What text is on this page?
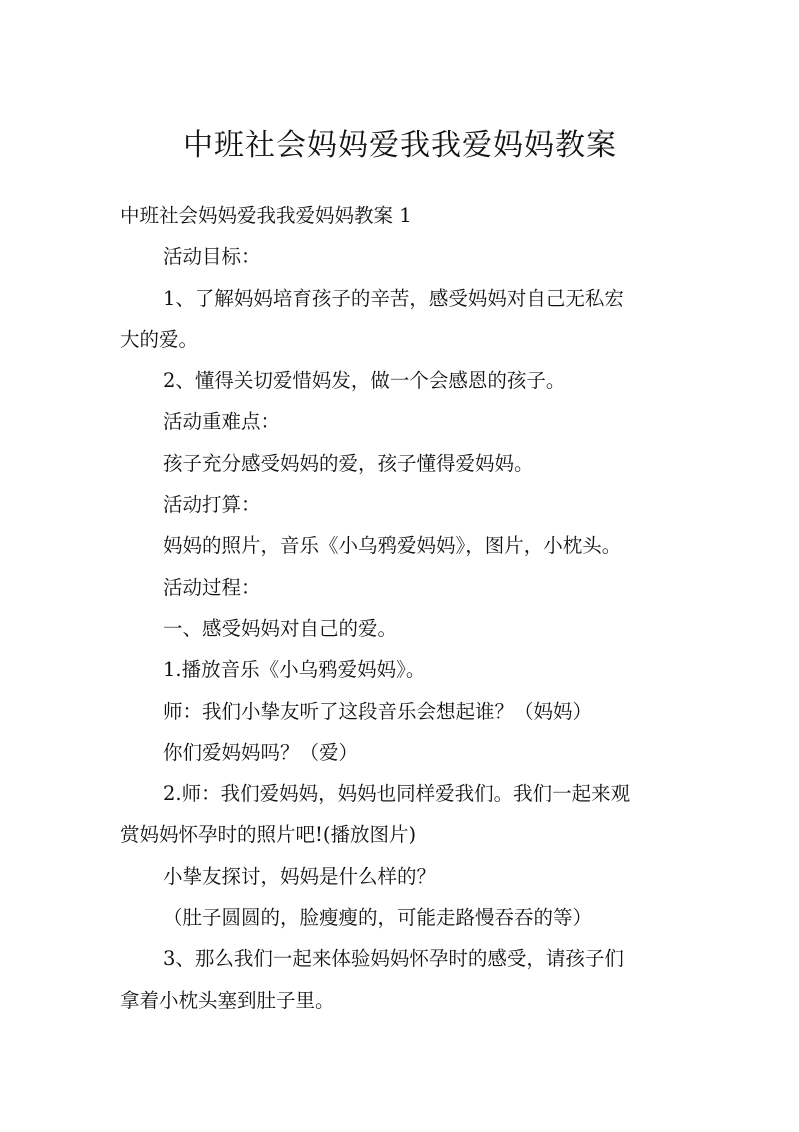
中班社会妈妈爱我我爱妈妈教案

中班社会妈妈爱我我爱妈妈教案 1

活动目标：

1、了解妈妈培育孩子的辛苦，感受妈妈对自己无私宏

大的爱。

2、懂得关切爱惜妈发，做一个会感恩的孩子。

活动重难点：

孩子充分感受妈妈的爱，孩子懂得爱妈妈。

活动打算：

妈妈的照片，音乐《小乌鸦爱妈妈》，图片，小枕头。

活动过程：

一、感受妈妈对自己的爱。

1.播放音乐《小乌鸦爱妈妈》。

师：我们小挚友听了这段音乐会想起谁？（妈妈）

你们爱妈妈吗？（爱）

2.师：我们爱妈妈，妈妈也同样爱我们。我们一起来观

赏妈妈怀孕时的照片吧!(播放图片)

小挚友探讨，妈妈是什么样的？

（肚子圆圆的，脸瘦瘦的，可能走路慢吞吞的等）

3、那么我们一起来体验妈妈怀孕时的感受，请孩子们

拿着小枕头塞到肚子里。
